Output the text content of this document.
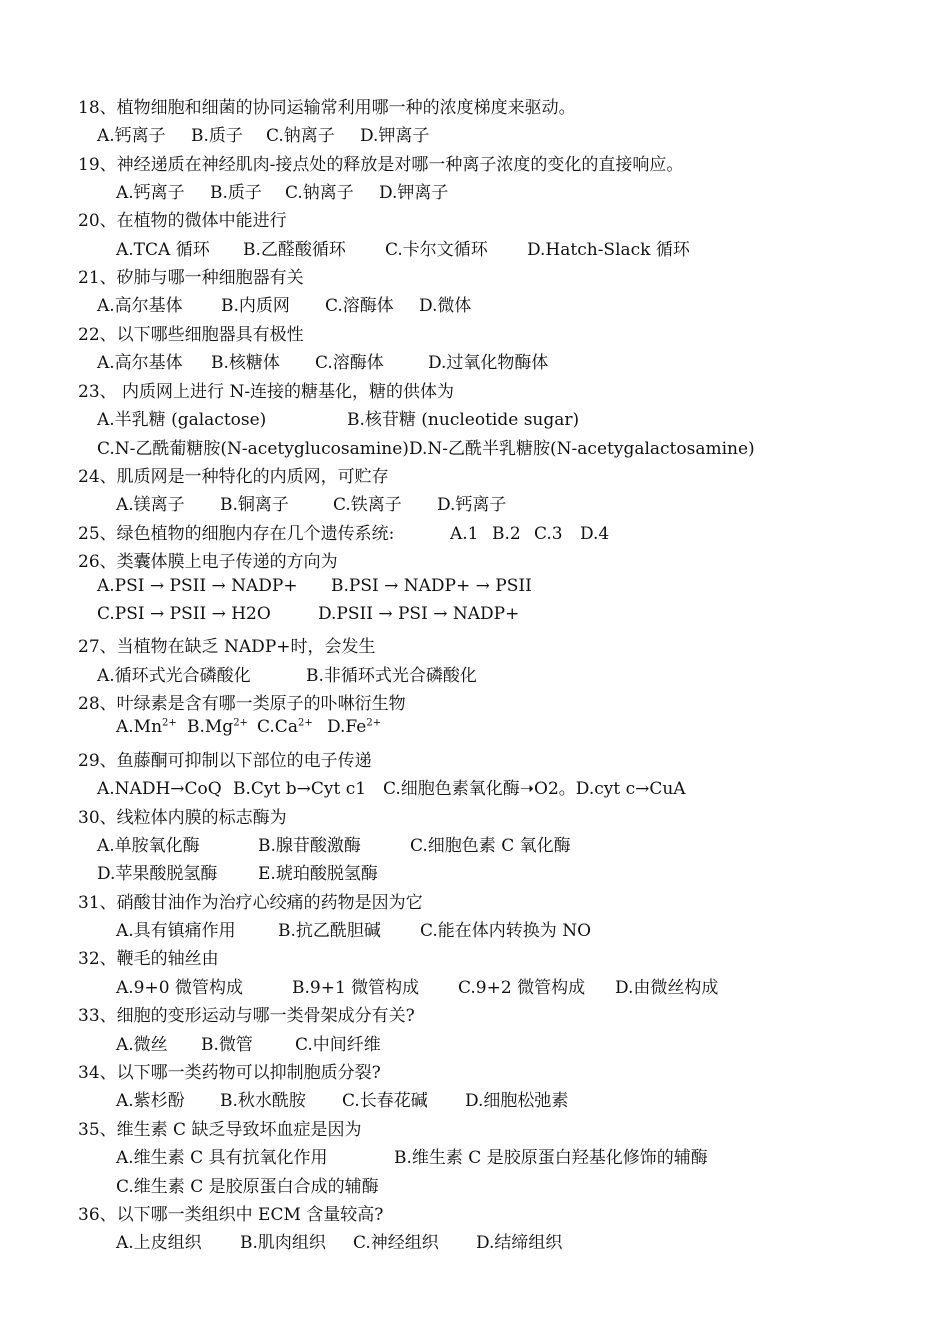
18、植物细胞和细菌的协同运输常利用哪一种的浓度梯度来驱动。
A.钙离子 B.质子 C.钠离子 D.钾离子
19、神经递质在神经肌肉-接点处的释放是对哪一种离子浓度的变化的直接响应。
A.钙离子 B.质子 C.钠离子 D.钾离子
20、在植物的微体中能进行
A.TCA 循环 B.乙醛酸循环 C.卡尔文循环 D.Hatch-Slack 循环
21、矽肺与哪一种细胞器有关
A.高尔基体 B.内质网 C.溶酶体 D.微体
22、以下哪些细胞器具有极性
A.高尔基体 B.核糖体 C.溶酶体	D.过氧化物酶体
23、 内质网上进行 N-连接的糖基化，糖的供体为
A.半乳糖 (galactose)	B.核苷糖 (nucleotide sugar)
C.N-乙酰葡糖胺(N-acetyglucosamine)D.N-乙酰半乳糖胺(N-acetygalactosamine)
24、肌质网是一种特化的内质网，可贮存
A.镁离子 B.铜离子	C.铁离子 D.钙离子
25、绿色植物的细胞内存在几个遗传系统:	A.1 B.2 C.3 D.4
26、类囊体膜上电子传递的方向为
A.PSI → PSII → NADP+ B.PSI → NADP+ → PSII
C.PSI → PSII → H2O	D.PSII → PSI → NADP+
27、当植物在缺乏 NADP+时，会发生
A.循环式光合磷酸化	B.非循环式光合磷酸化
28、叶绿素是含有哪一类原子的卟啉衍生物
$A.Mn^{2+}$ $B.Mg^{2+}$ $C.Ca^{2+}$ $D.Fe^{2+}$
29、鱼藤酮可抑制以下部位的电子传递
A.NADH→CoQ B.Cyt b→Cyt c1 C.细胞色素氧化酶➝O2。D.cyt c→CuA
30、线粒体内膜的标志酶为
A.单胺氧化酶	B.腺苷酸激酶	C.细胞色素 C 氧化酶
D.苹果酸脱氢酶 E.琥珀酸脱氢酶
31、硝酸甘油作为治疗心绞痛的药物是因为它
A.具有镇痛作用 B.抗乙酰胆碱 C.能在体内转换为 NO
32、鞭毛的轴丝由
A.9+0 微管构成	B.9+1 微管构成 C.9+2 微管构成 D.由微丝构成
33、细胞的变形运动与哪一类骨架成分有关?
A.微丝 B.微管 C.中间纤维
34、以下哪一类药物可以抑制胞质分裂?
A.紫杉酚 B.秋水酰胺 C.长春花碱 D.细胞松弛素
35、维生素 C 缺乏导致坏血症是因为
A.维生素 C 具有抗氧化作用	B.维生素 C 是胶原蛋白羟基化修饰的辅酶
C.维生素 C 是胶原蛋白合成的辅酶
36、以下哪一类组织中 ECM 含量较高?
A.上皮组织 B.肌肉组织 C.神经组织 D.结缔组织
